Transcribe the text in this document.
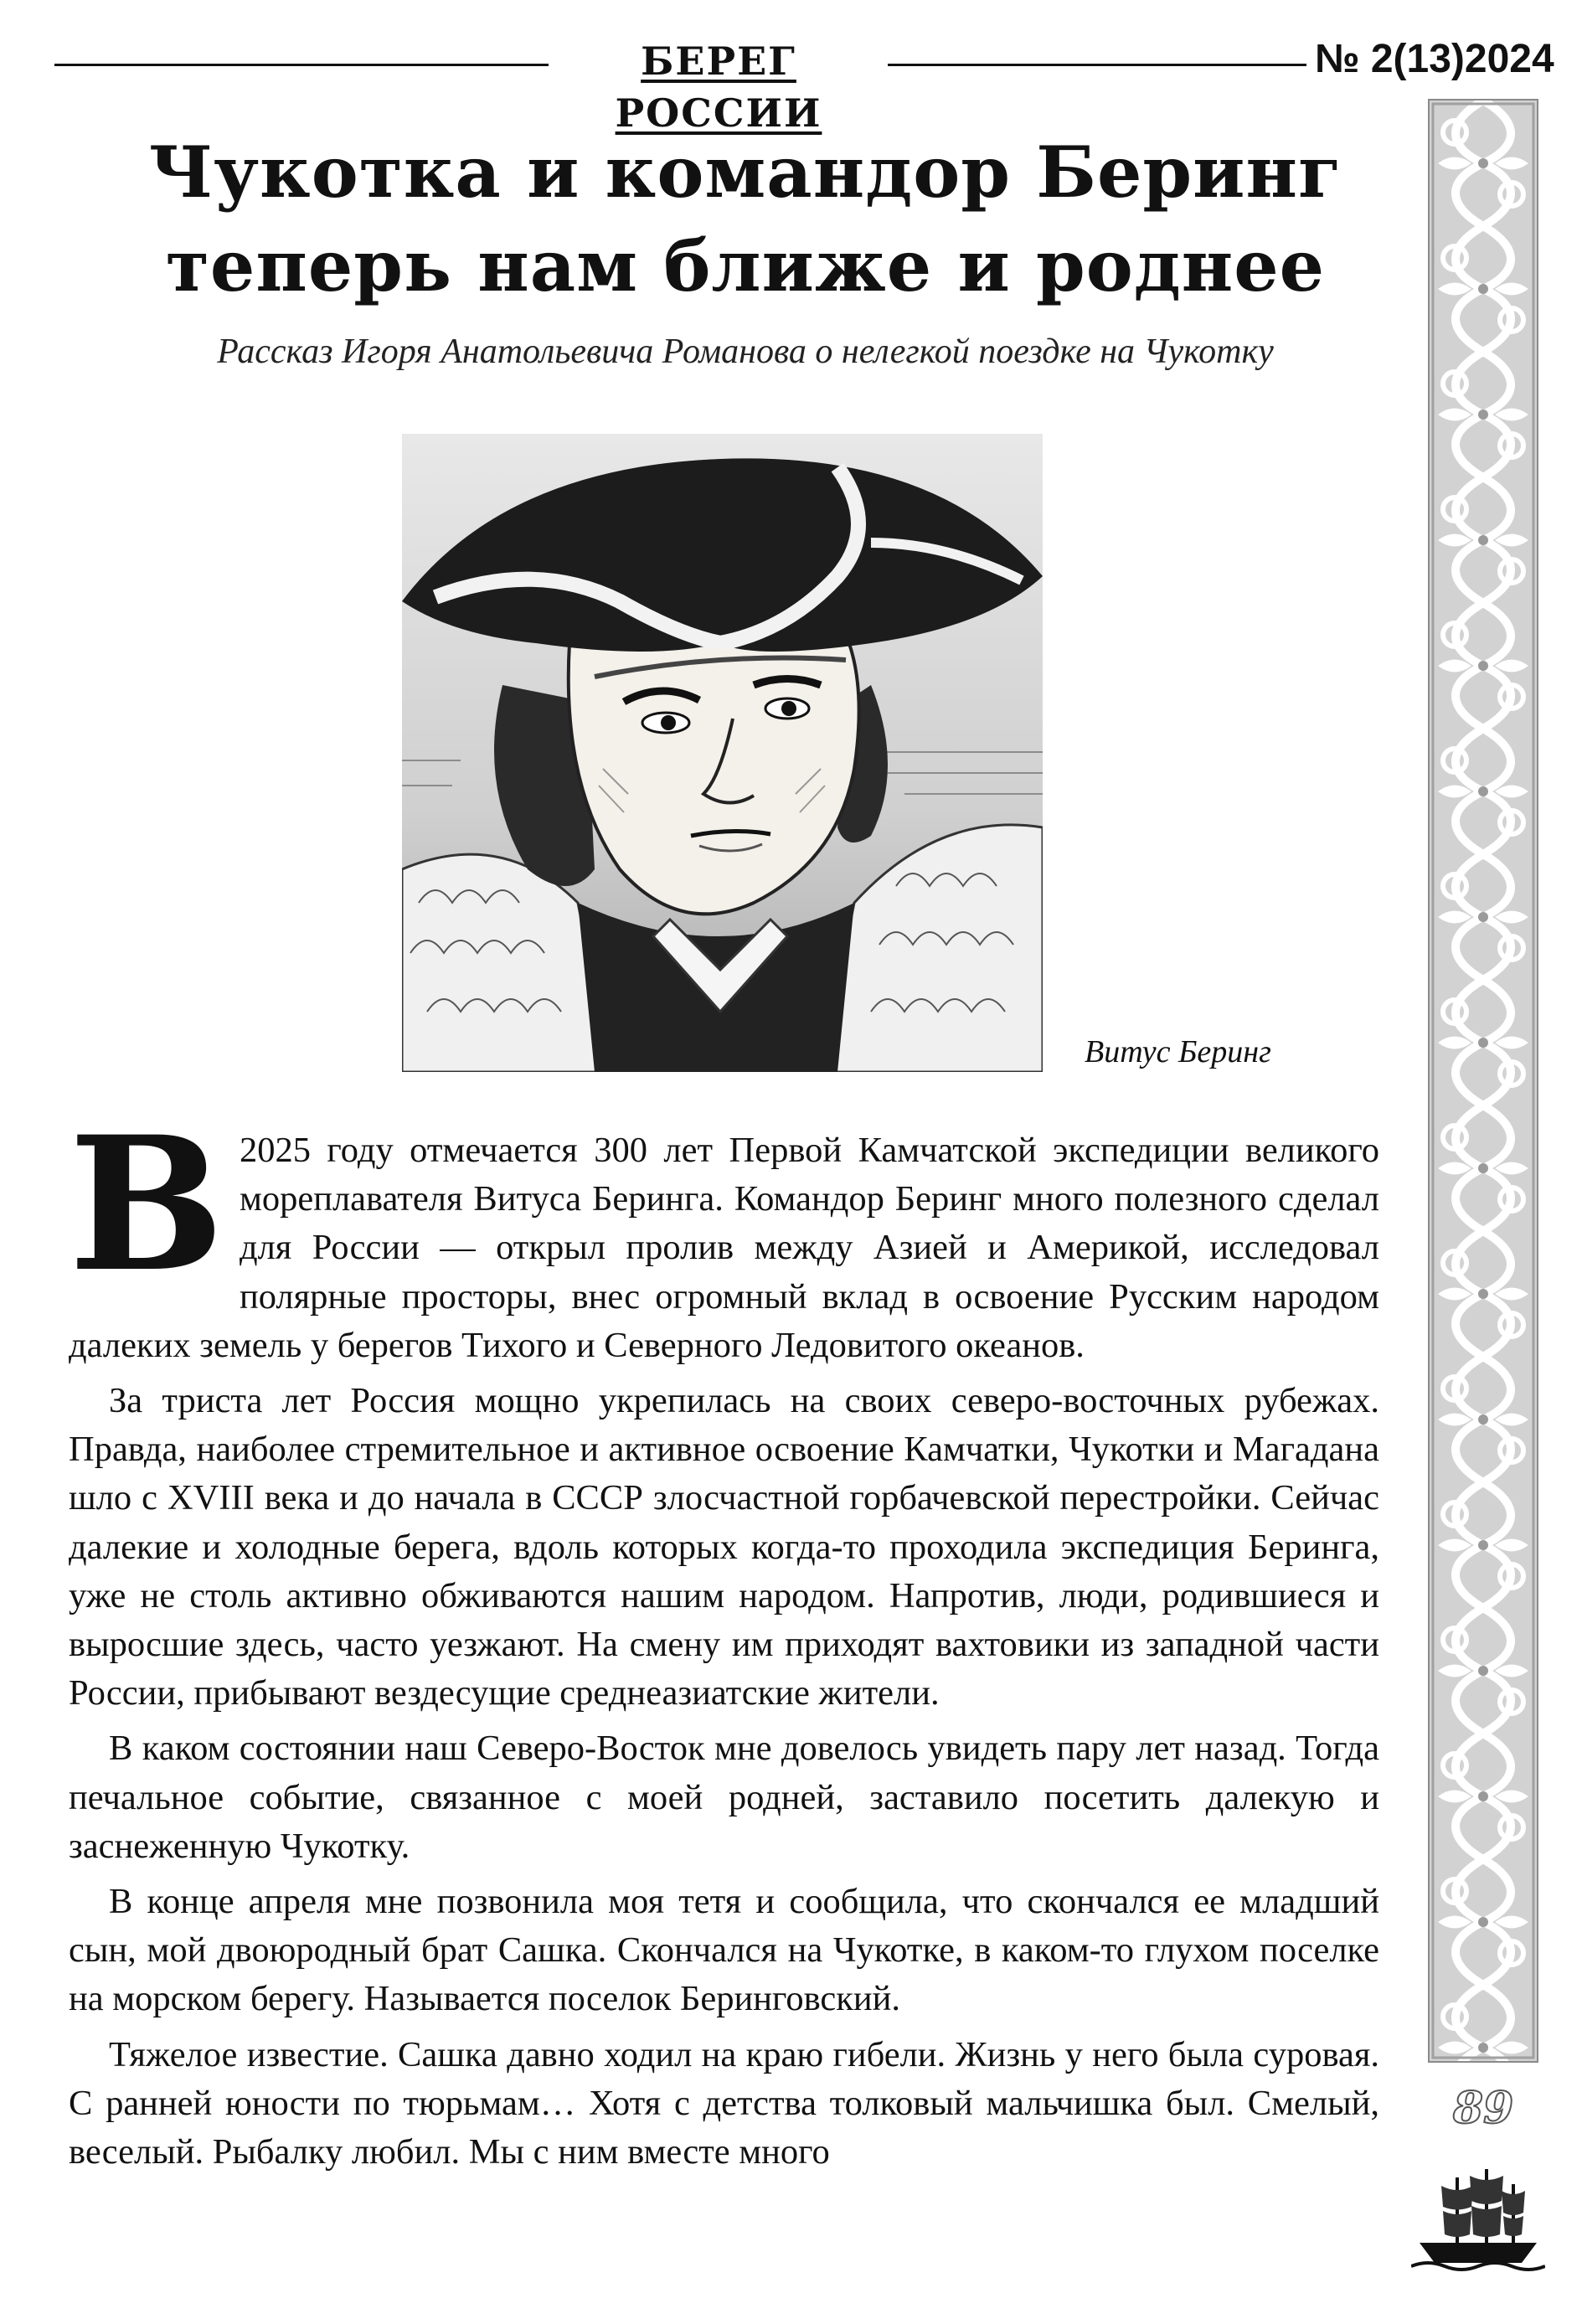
БЕРЕГ РОССИИ
№ 2(13)2024
89
Чукотка и командор Беринг
теперь нам ближе и роднее
Рассказ Игоря Анатольевича Романова о нелегкой поездке на Чукотку
Витус Беринг

В 2025 году отмечается 300 лет Первой Камчатской экспедиции великого мореплавателя Витуса Беринга. Командор Беринг много полезного сделал для России — открыл пролив между Азией и Америкой, исследовал полярные просторы, внес огромный вклад в освоение Русским народом далеких земель у берегов Тихого и Северного Ледовитого океанов.

За триста лет Россия мощно укрепилась на своих северо-восточных рубежах. Правда, наиболее стремительное и активное освоение Камчатки, Чукотки и Магадана шло с XVIII века и до начала в СССР злосчастной горбачевской перестройки. Сейчас далекие и холодные берега, вдоль которых когда-то проходила экспедиция Беринга, уже не столь активно обживаются нашим народом. Напротив, люди, родившиеся и выросшие здесь, часто уезжают. На смену им приходят вахтовики из западной части России, прибывают вездесущие среднеазиатские жители.

В каком состоянии наш Северо-Восток мне довелось увидеть пару лет назад. Тогда печальное событие, связанное с моей родней, заставило посетить далекую и заснеженную Чукотку.

В конце апреля мне позвонила моя тетя и сообщила, что скончался ее младший сын, мой двоюродный брат Сашка. Скончался на Чукотке, в каком-то глухом поселке на морском берегу. Называется поселок Беринговский.

Тяжелое известие. Сашка давно ходил на краю гибели. Жизнь у него была суровая. С ранней юности по тюрьмам… Хотя с детства толковый мальчишка был. Смелый, веселый. Рыбалку любил. Мы с ним вместе много
